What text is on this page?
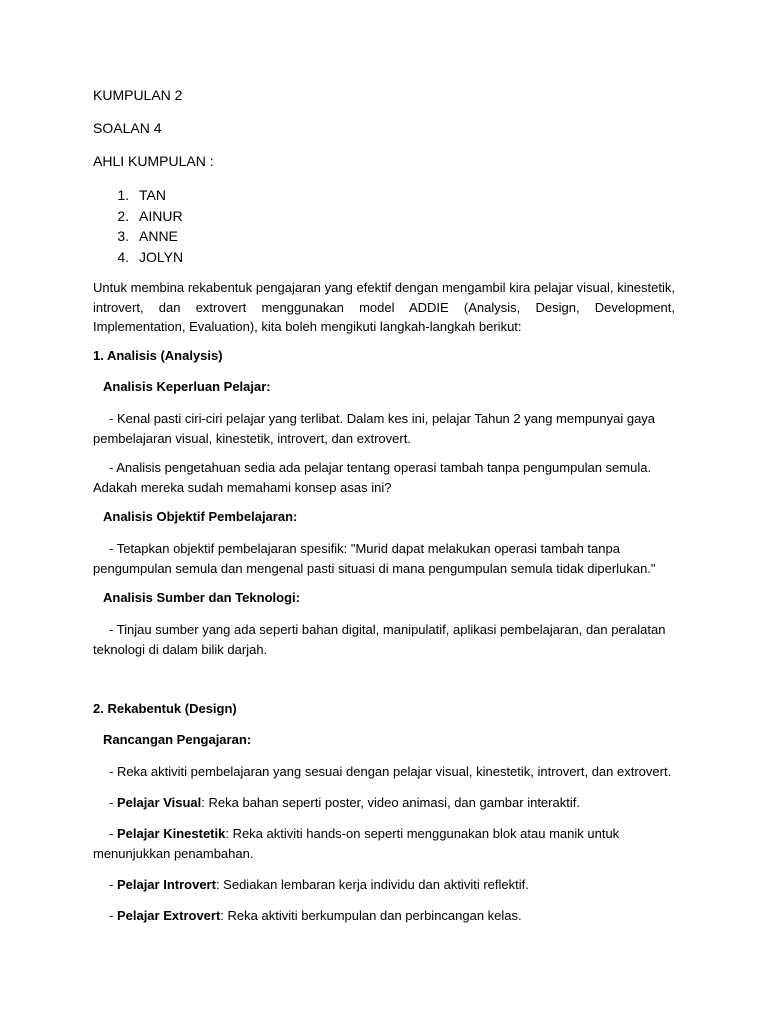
KUMPULAN 2
SOALAN 4
AHLI KUMPULAN :
1. TAN
2. AINUR
3. ANNE
4. JOLYN
Untuk membina rekabentuk pengajaran yang efektif dengan mengambil kira pelajar visual, kinestetik, introvert, dan extrovert menggunakan model ADDIE (Analysis, Design, Development, Implementation, Evaluation), kita boleh mengikuti langkah-langkah berikut:
1. Analisis (Analysis)
Analisis Keperluan Pelajar:
- Kenal pasti ciri-ciri pelajar yang terlibat. Dalam kes ini, pelajar Tahun 2 yang mempunyai gaya pembelajaran visual, kinestetik, introvert, dan extrovert.
- Analisis pengetahuan sedia ada pelajar tentang operasi tambah tanpa pengumpulan semula. Adakah mereka sudah memahami konsep asas ini?
Analisis Objektif Pembelajaran:
- Tetapkan objektif pembelajaran spesifik: "Murid dapat melakukan operasi tambah tanpa pengumpulan semula dan mengenal pasti situasi di mana pengumpulan semula tidak diperlukan."
Analisis Sumber dan Teknologi:
- Tinjau sumber yang ada seperti bahan digital, manipulatif, aplikasi pembelajaran, dan peralatan teknologi di dalam bilik darjah.
2. Rekabentuk (Design)
Rancangan Pengajaran:
- Reka aktiviti pembelajaran yang sesuai dengan pelajar visual, kinestetik, introvert, dan extrovert.
- Pelajar Visual: Reka bahan seperti poster, video animasi, dan gambar interaktif.
- Pelajar Kinestetik: Reka aktiviti hands-on seperti menggunakan blok atau manik untuk menunjukkan penambahan.
- Pelajar Introvert: Sediakan lembaran kerja individu dan aktiviti reflektif.
- Pelajar Extrovert: Reka aktiviti berkumpulan dan perbincangan kelas.
